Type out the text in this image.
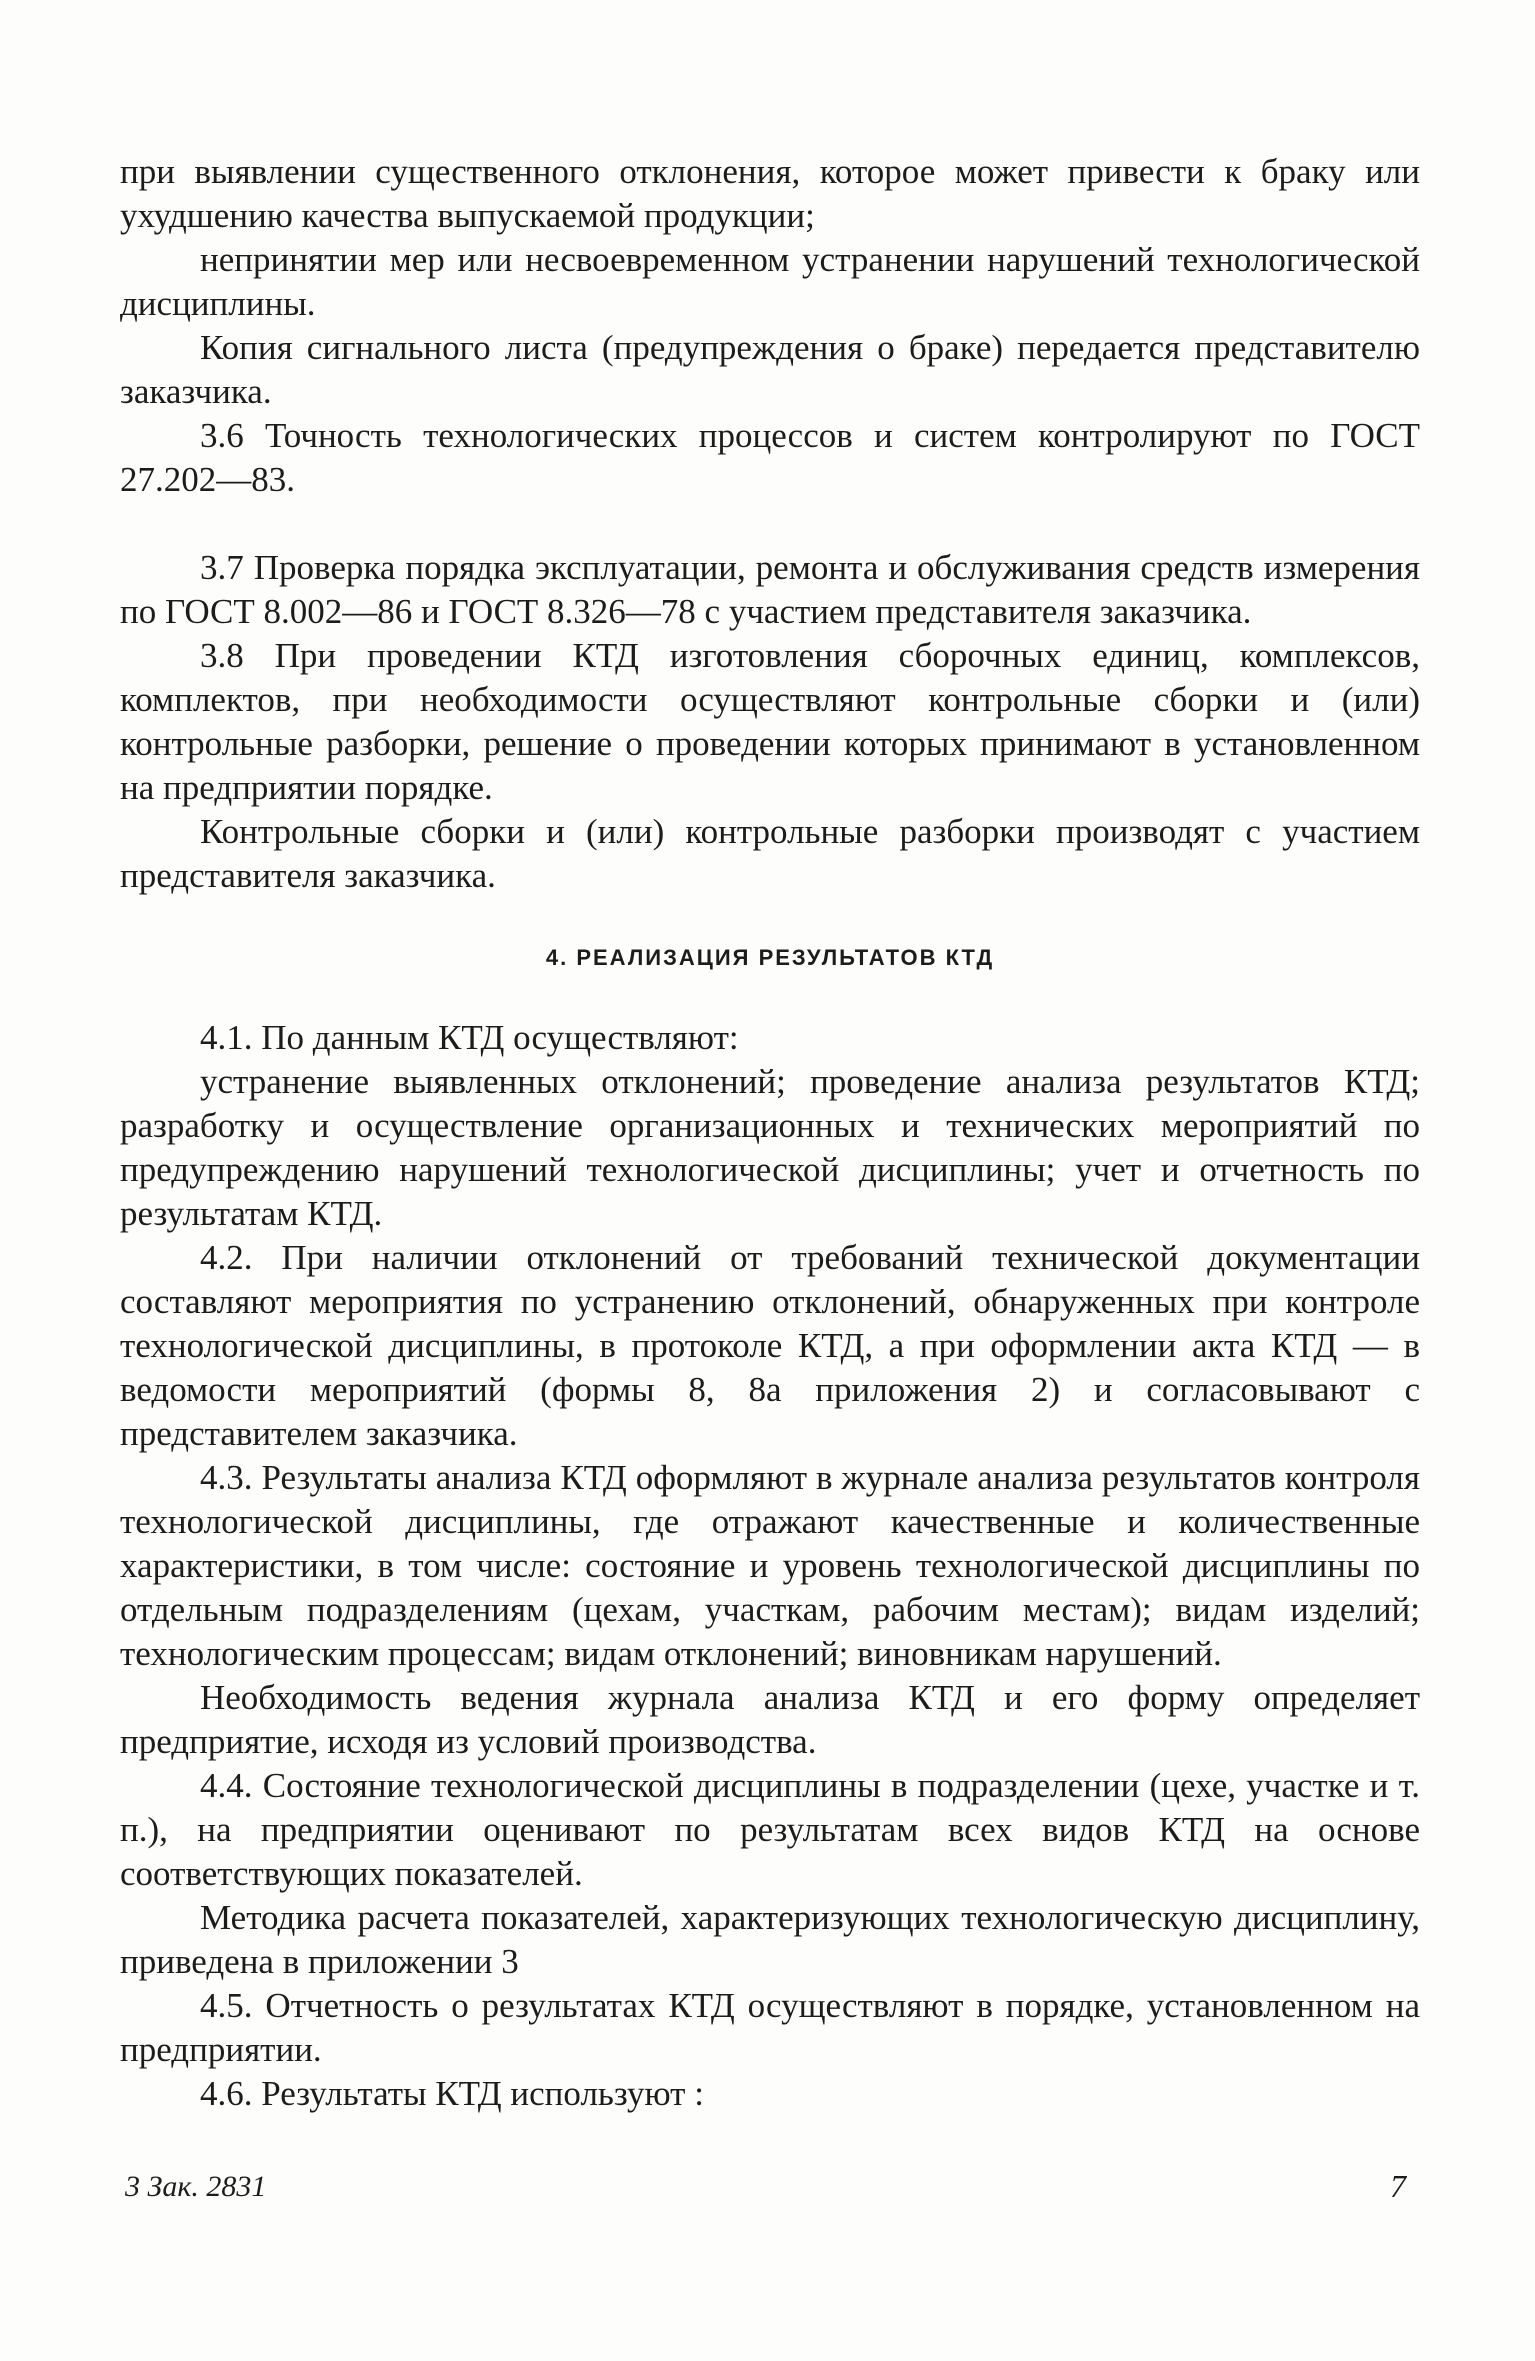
при выявлении существенного отклонения, которое может привести к браку или ухудшению качества выпускаемой продукции;

непринятии мер или несвоевременном устранении нарушений технологической дисциплины.

Копия сигнального листа (предупреждения о браке) передается представителю заказчика.

3.6 Точность технологических процессов и систем контролируют по ГОСТ 27.202—83.

3.7 Проверка порядка эксплуатации, ремонта и обслуживания средств измерения по ГОСТ 8.002—86 и ГОСТ 8.326—78 с участием представителя заказчика.

3.8 При проведении КТД изготовления сборочных единиц, комплексов, комплектов, при необходимости осуществляют контрольные сборки и (или) контрольные разборки, решение о проведении которых принимают в установленном на предприятии порядке.

Контрольные сборки и (или) контрольные разборки производят с участием представителя заказчика.

4. РЕАЛИЗАЦИЯ РЕЗУЛЬТАТОВ КТД

4.1. По данным КТД осуществляют:

устранение выявленных отклонений; проведение анализа результатов КТД; разработку и осуществление организационных и технических мероприятий по предупреждению нарушений технологической дисциплины; учет и отчетность по результатам КТД.

4.2. При наличии отклонений от требований технической документации составляют мероприятия по устранению отклонений, обнаруженных при контроле технологической дисциплины, в протоколе КТД, а при оформлении акта КТД — в ведомости мероприятий (формы 8, 8а приложения 2) и согласовывают с представителем заказчика.

4.3. Результаты анализа КТД оформляют в журнале анализа результатов контроля технологической дисциплины, где отражают качественные и количественные характеристики, в том числе: состояние и уровень технологической дисциплины по отдельным подразделениям (цехам, участкам, рабочим местам); видам изделий; технологическим процессам; видам отклонений; виновникам нарушений.

Необходимость ведения журнала анализа КТД и его форму определяет предприятие, исходя из условий производства.

4.4. Состояние технологической дисциплины в подразделении (цехе, участке и т. п.), на предприятии оценивают по результатам всех видов КТД на основе соответствующих показателей.

Методика расчета показателей, характеризующих технологическую дисциплину, приведена в приложении 3

4.5. Отчетность о результатах КТД осуществляют в порядке, установленном на предприятии.

4.6. Результаты КТД используют :

3 Зак. 2831	7
